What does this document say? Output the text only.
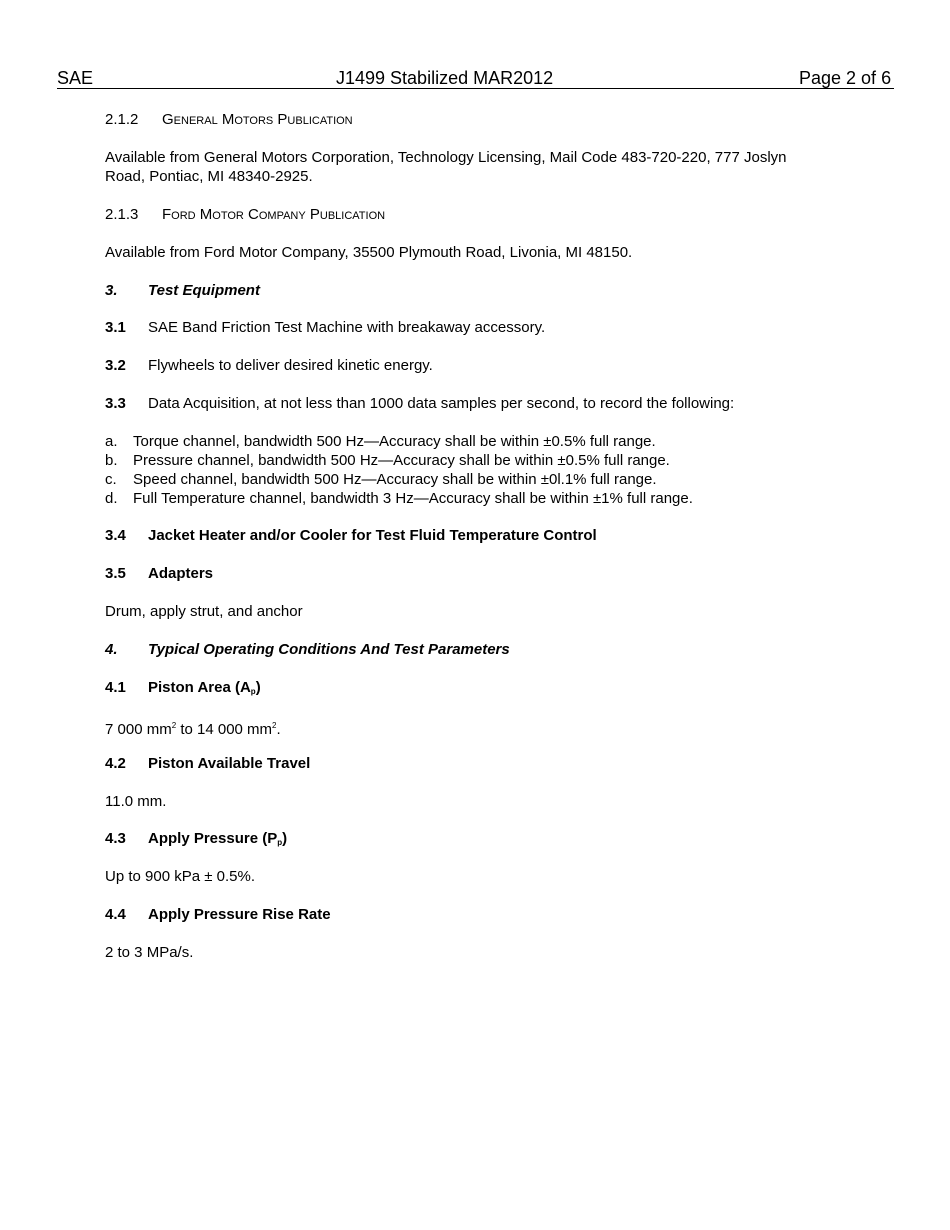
SAE	J1499 Stabilized MAR2012	Page 2 of 6
2.1.2 General Motors Publication
Available from General Motors Corporation, Technology Licensing, Mail Code 483-720-220, 777 Joslyn
Road, Pontiac, MI 48340-2925.
2.1.3 Ford Motor Company Publication
Available from Ford Motor Company, 35500 Plymouth Road, Livonia, MI 48150.
3. Test Equipment
3.1 SAE Band Friction Test Machine with breakaway accessory.
3.2 Flywheels to deliver desired kinetic energy.
3.3 Data Acquisition, at not less than 1000 data samples per second, to record the following:
a. Torque channel, bandwidth 500 Hz—Accuracy shall be within ±0.5% full range.
b. Pressure channel, bandwidth 500 Hz—Accuracy shall be within ±0.5% full range.
c. Speed channel, bandwidth 500 Hz—Accuracy shall be within ±0l.1% full range.
d. Full Temperature channel, bandwidth 3 Hz—Accuracy shall be within ±1% full range.
3.4 Jacket Heater and/or Cooler for Test Fluid Temperature Control
3.5 Adapters
Drum, apply strut, and anchor
4. Typical Operating Conditions And Test Parameters
4.1 Piston Area $(A_p)$
7 000 $mm^2$ to 14 000 $mm^2$.
4.2 Piston Available Travel
11.0 mm.
4.3 Apply Pressure $(P_p)$
Up to 900 kPa ± 0.5%.
4.4 Apply Pressure Rise Rate
2 to 3 MPa/s.
